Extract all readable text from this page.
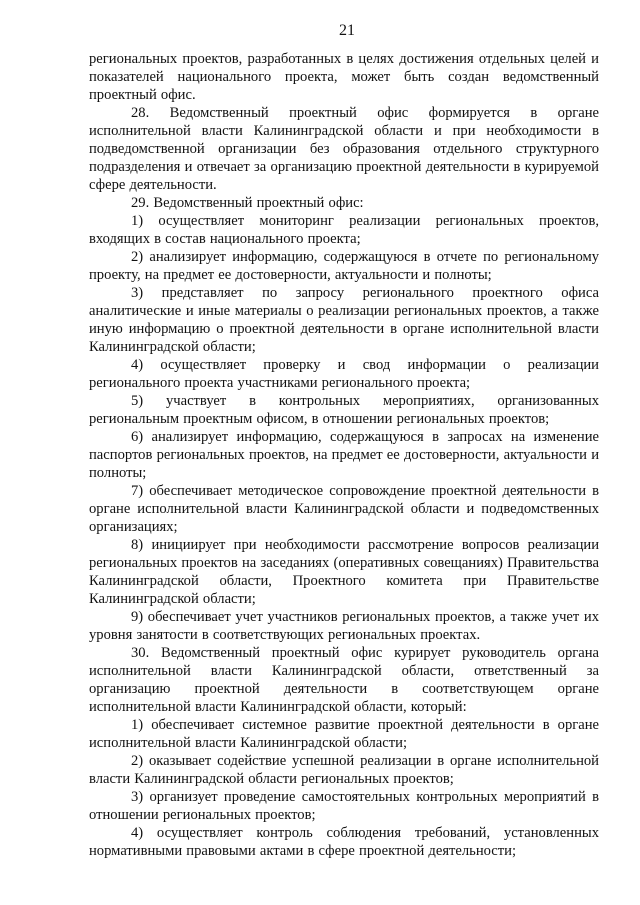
21

региональных проектов, разработанных в целях достижения отдельных целей и показателей национального проекта, может быть создан ведомственный проектный офис.

28. Ведомственный проектный офис формируется в органе исполнительной власти Калининградской области и при необходимости в подведомственной организации без образования отдельного структурного подразделения и отвечает за организацию проектной деятельности в курируемой сфере деятельности.

29. Ведомственный проектный офис:

1) осуществляет мониторинг реализации региональных проектов, входящих в состав национального проекта;

2) анализирует информацию, содержащуюся в отчете по региональному проекту, на предмет ее достоверности, актуальности и полноты;

3) представляет по запросу регионального проектного офиса аналитические и иные материалы о реализации региональных проектов, а также иную информацию о проектной деятельности в органе исполнительной власти Калининградской области;

4) осуществляет проверку и свод информации о реализации регионального проекта участниками регионального проекта;

5) участвует в контрольных мероприятиях, организованных региональным проектным офисом, в отношении региональных проектов;

6) анализирует информацию, содержащуюся в запросах на изменение паспортов региональных проектов, на предмет ее достоверности, актуальности и полноты;

7) обеспечивает методическое сопровождение проектной деятельности в органе исполнительной власти Калининградской области и подведомственных организациях;

8) инициирует при необходимости рассмотрение вопросов реализации региональных проектов на заседаниях (оперативных совещаниях) Правительства Калининградской области, Проектного комитета при Правительстве Калининградской области;

9) обеспечивает учет участников региональных проектов, а также учет их уровня занятости в соответствующих региональных проектах.

30. Ведомственный проектный офис курирует руководитель органа исполнительной власти Калининградской области, ответственный за организацию проектной деятельности в соответствующем органе исполнительной власти Калининградской области, который:

1) обеспечивает системное развитие проектной деятельности в органе исполнительной власти Калининградской области;

2) оказывает содействие успешной реализации в органе исполнительной власти Калининградской области региональных проектов;

3) организует проведение самостоятельных контрольных мероприятий в отношении региональных проектов;

4) осуществляет контроль соблюдения требований, установленных нормативными правовыми актами в сфере проектной деятельности;
